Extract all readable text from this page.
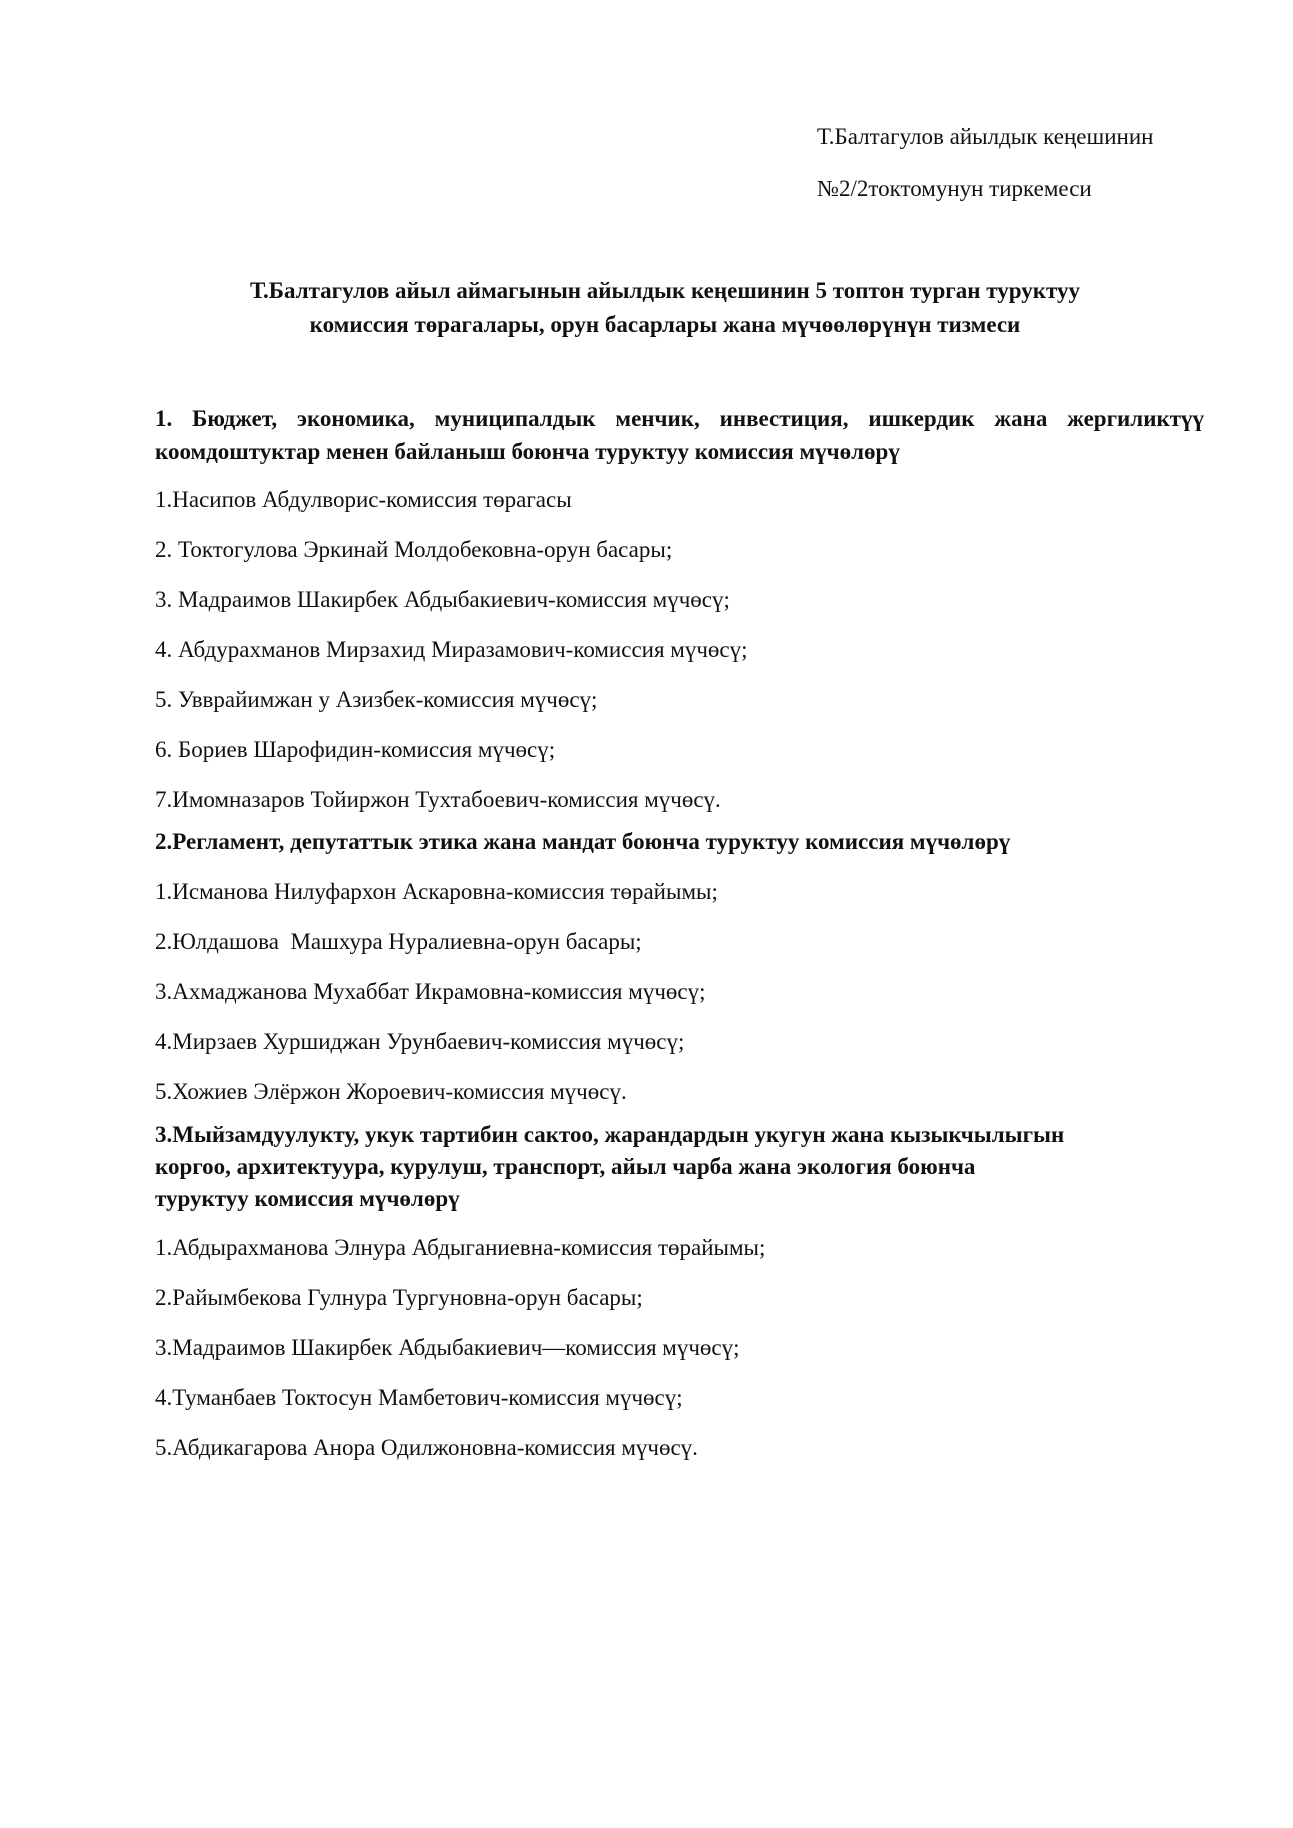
Т.Балтагулов айылдык кеңешинин
№2/2токтомунун тиркемеси
Т.Балтагулов айыл аймагынын айылдык кеңешинин 5 топтон турган туруктуу
комиссия төрагалары, орун басарлары жана мүчөөлөрүнүн тизмеси
1. Бюджет, экономика, муниципалдык менчик, инвестиция, ишкердик жана жергиликтүү коомдоштуктар менен байланыш боюнча туруктуу комиссия мүчөлөрү
1.Насипов Абдулворис-комиссия төрагасы
2. Токтогулова Эркинай Молдобековна-орун басары;
3. Мадраимов Шакирбек Абдыбакиевич-комиссия мүчөсү;
4. Абдурахманов Мирзахид Миразамович-комиссия мүчөсү;
5. Увврайимжан у Азизбек-комиссия мүчөсү;
6. Бориев Шарофидин-комиссия мүчөсү;
7.Имомназаров Тойиржон Тухтабоевич-комиссия мүчөсү.
2.Регламент, депутаттык этика жана мандат боюнча туруктуу комиссия мүчөлөрү
1.Исманова Нилуфархон Аскаровна-комиссия төрайымы;
2.Юлдашова  Машхура Нуралиевна-орун басары;
3.Ахмаджанова Мухаббат Икрамовна-комиссия мүчөсү;
4.Мирзаев Хуршиджан Урунбаевич-комиссия мүчөсү;
5.Хожиев Элёржон Жороевич-комиссия мүчөсү.
3.Мыйзамдуулукту, укук тартибин сактоо, жарандардын укугун жана кызыкчылыгын
коргоо, архитектуура, курулуш, транспорт, айыл чарба жана экология боюнча
туруктуу комиссия мүчөлөрү
1.Абдырахманова Элнура Абдыганиевна-комиссия төрайымы;
2.Райымбекова Гулнура Тургуновна-орун басары;
3.Мадраимов Шакирбек Абдыбакиевич—комиссия мүчөсү;
4.Туманбаев Токтосун Мамбетович-комиссия мүчөсү;
5.Абдикагарова Анора Одилжоновна-комиссия мүчөсү.
